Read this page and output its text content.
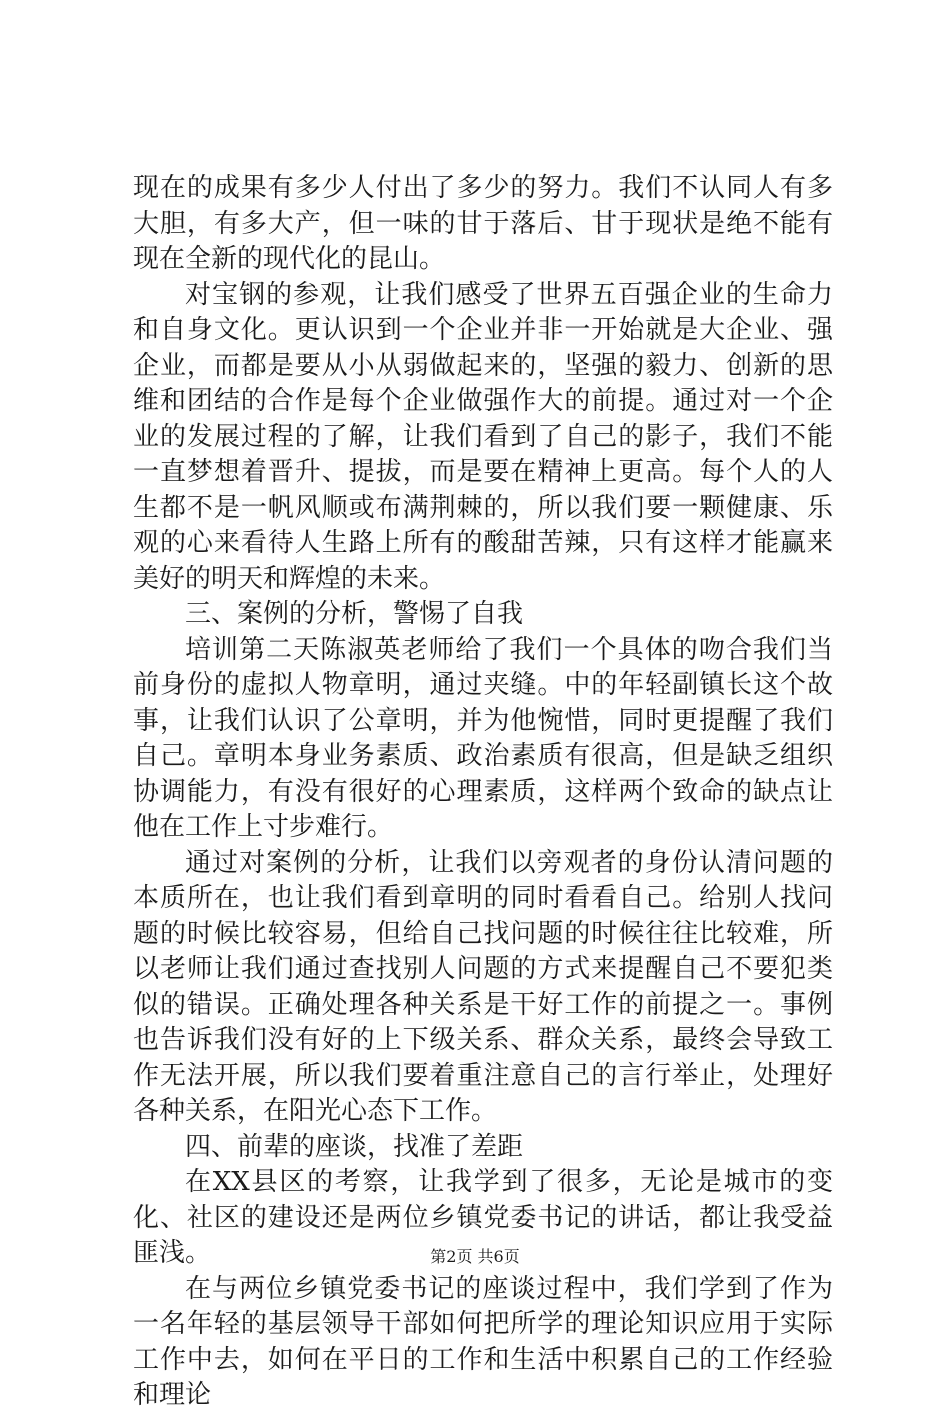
现在的成果有多少人付出了多少的努力。我们不认同人有多大胆，有多大产，但一味的甘于落后、甘于现状是绝不能有现在全新的现代化的昆山。

对宝钢的参观，让我们感受了世界五百强企业的生命力和自身文化。更认识到一个企业并非一开始就是大企业、强企业，而都是要从小从弱做起来的，坚强的毅力、创新的思维和团结的合作是每个企业做强作大的前提。通过对一个企业的发展过程的了解，让我们看到了自己的影子，我们不能一直梦想着晋升、提拔，而是要在精神上更高。每个人的人生都不是一帆风顺或布满荆棘的，所以我们要一颗健康、乐观的心来看待人生路上所有的酸甜苦辣，只有这样才能赢来美好的明天和辉煌的未来。

三、案例的分析，警惕了自我

培训第二天陈淑英老师给了我们一个具体的吻合我们当前身份的虚拟人物章明，通过夹缝。中的年轻副镇长这个故事，让我们认识了公章明，并为他惋惜，同时更提醒了我们自己。章明本身业务素质、政治素质有很高，但是缺乏组织协调能力，有没有很好的心理素质，这样两个致命的缺点让他在工作上寸步难行。

通过对案例的分析，让我们以旁观者的身份认清问题的本质所在，也让我们看到章明的同时看看自己。给别人找问题的时候比较容易，但给自己找问题的时候往往比较难，所以老师让我们通过查找别人问题的方式来提醒自己不要犯类似的错误。正确处理各种关系是干好工作的前提之一。事例也告诉我们没有好的上下级关系、群众关系，最终会导致工作无法开展，所以我们要着重注意自己的言行举止，处理好各种关系，在阳光心态下工作。

四、前辈的座谈，找准了差距

在XX县区的考察，让我学到了很多，无论是城市的变化、社区的建设还是两位乡镇党委书记的讲话，都让我受益匪浅。

在与两位乡镇党委书记的座谈过程中，我们学到了作为一名年轻的基层领导干部如何把所学的理论知识应用于实际工作中去，如何在平日的工作和生活中积累自己的工作经验和理论

第2页 共6页
